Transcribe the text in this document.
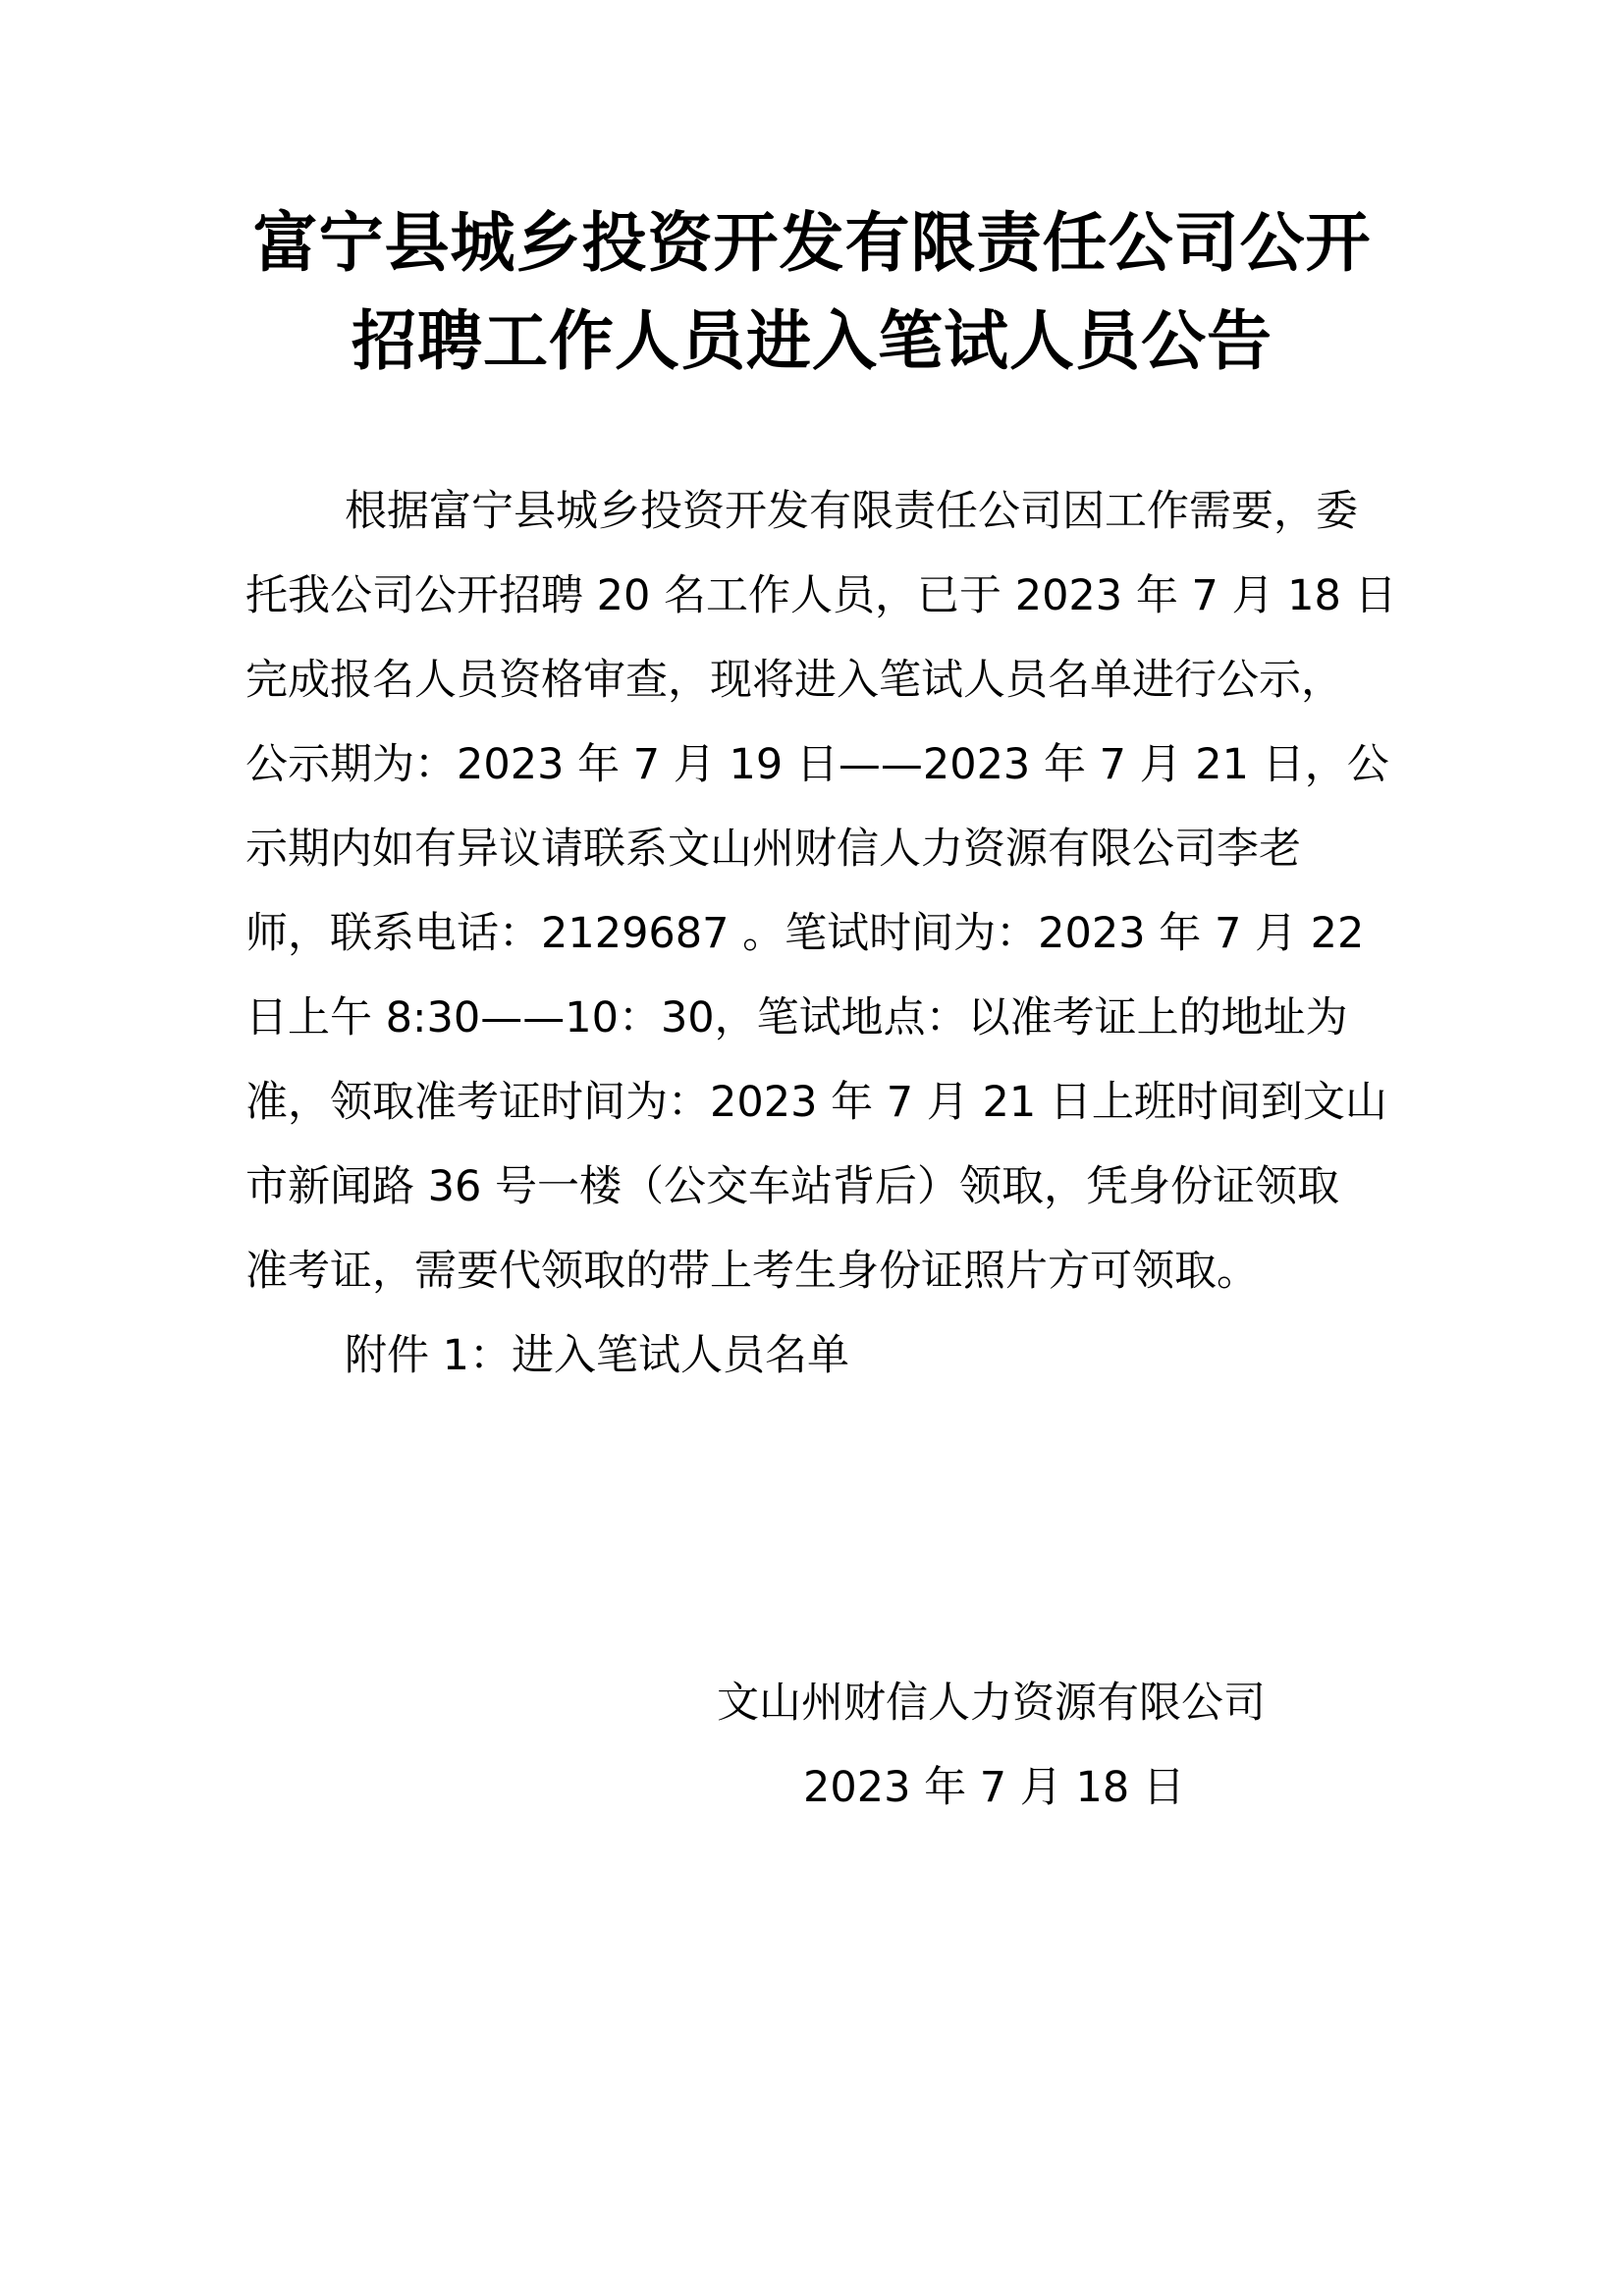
富宁县城乡投资开发有限责任公司公开
招聘工作人员进入笔试人员公告

根据富宁县城乡投资开发有限责任公司因工作需要，委

托我公司公开招聘 20 名工作人员，已于 2023 年 7 月 18 日

完成报名人员资格审查，现将进入笔试人员名单进行公示，

公示期为：2023 年 7 月 19 日——2023 年 7 月 21 日，公

示期内如有异议请联系文山州财信人力资源有限公司李老

师，联系电话：2129687 。笔试时间为：2023 年 7 月 22

日上午 8:30——10：30，笔试地点：以准考证上的地址为

准，领取准考证时间为：2023 年 7 月 21 日上班时间到文山

市新闻路 36 号一楼（公交车站背后）领取，凭身份证领取

准考证，需要代领取的带上考生身份证照片方可领取。

附件 1：进入笔试人员名单

文山州财信人力资源有限公司

2023 年 7 月 18 日
